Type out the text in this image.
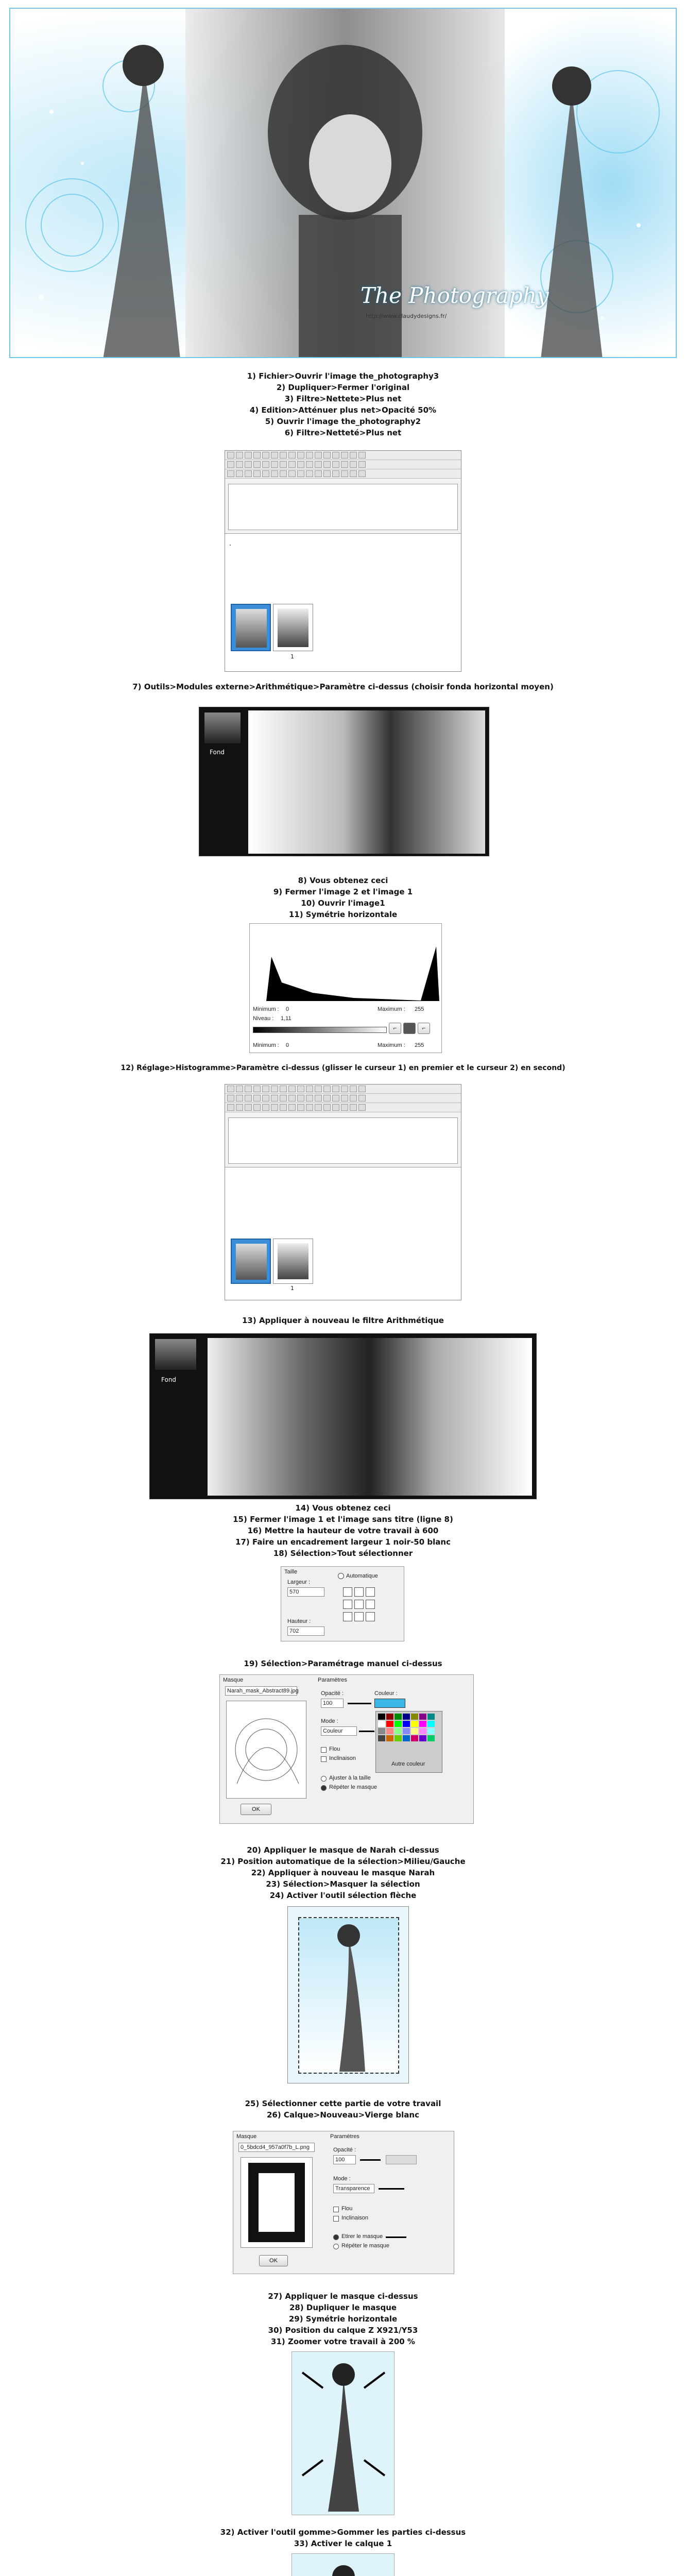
The Photography
http://www.claudydesigns.fr/
1) Fichier>Ouvrir l'image the_photography3
2) Dupliquer>Fermer l'original
3) Filtre>Nettete>Plus net
4) Edition>Atténuer plus net>Opacité 50%
5) Ouvrir l'image the_photography2
6) Filtre>Netteté>Plus net
1
7) Outils>Modules externe>Arithmétique>Paramètre ci-dessus (choisir fonda horizontal moyen)
Fond
8) Vous obtenez ceci
9) Fermer l'image 2 et l'image 1
10) Ouvrir l'image1
11) Symétrie horizontale
Minimum : 0	Maximum : 255
Niveau : 1,11
⌐	⌐
Minimum : 0	Maximum : 255
12) Réglage>Histogramme>Paramètre ci-dessus (glisser le curseur 1) en premier et le curseur 2) en second)
1
13) Appliquer à nouveau le filtre Arithmétique
Fond
14) Vous obtenez ceci
15) Fermer l'image 1 et l'image sans titre (ligne 8)
16) Mettre la hauteur de votre travail à 600
17) Faire un encadrement largeur 1 noir-50 blanc
18) Sélection>Tout sélectionner
Taille
Largeur :
570
Hauteur :
702
Automatique
19) Sélection>Paramétrage manuel ci-dessus
Masque
Narah_mask_Abstract89.jpg
OK
Paramètres
Opacité :
100
Couleur :
Mode :
Couleur
Flou
Inclinaison
Ajuster à la taille
Répéter le masque
Autre couleur
20) Appliquer le masque de Narah ci-dessus
21) Position automatique de la sélection>Milieu/Gauche
22) Appliquer à nouveau le masque Narah
23) Sélection>Masquer la sélection
24) Activer l'outil sélection flèche
25) Sélectionner cette partie de votre travail
26) Calque>Nouveau>Vierge blanc
Masque
0_5bdcd4_957a0f7b_L.png
OK
Paramètres
Opacité :
100
Mode :
Transparence
Flou
Inclinaison
Etirer le masque
Répéter le masque
27) Appliquer le masque ci-dessus
28) Dupliquer le masque
29) Symétrie horizontale
30) Position du calque Z X921/Y53
31) Zoomer votre travail à 200 %
32) Activer l'outil gomme>Gommer les parties ci-dessus
33) Activer le calque 1
